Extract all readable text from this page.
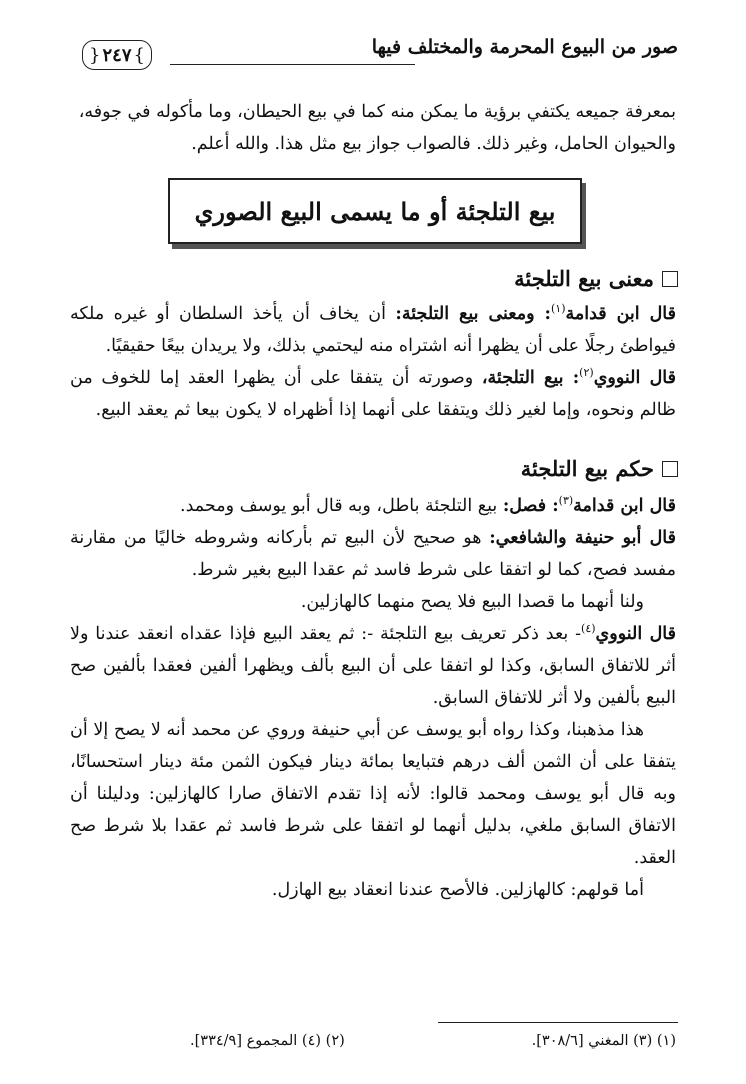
صور من البيوع المحرمة والمختلف فيها
} ٢٤٧ {

بمعرفة جميعه يكتفي برؤية ما يمكن منه كما في بيع الحيطان، وما مأكوله في جوفه،

والحيوان الحامل، وغير ذلك. فالصواب جواز بيع مثل هذا. والله أعلم.

بيع التلجئة أو ما يسمى البيع الصوري
معنى بيع التلجئة

قال ابن قدامة$^{(١)}$: ومعنى بيع التلجئة: أن يخاف أن يأخذ السلطان أو غيره ملكه فيواطئ رجلًا على أن يظهرا أنه اشتراه منه ليحتمي بذلك، ولا يريدان بيعًا حقيقيًا.

قال النووي$^{(٢)}$: بيع التلجئة، وصورته أن يتفقا على أن يظهرا العقد إما للخوف من ظالم ونحوه، وإما لغير ذلك ويتفقا على أنهما إذا أظهراه لا يكون بيعا ثم يعقد البيع.

حكم بيع التلجئة

قال ابن قدامة$^{(٣)}$: فصل: بيع التلجئة باطل، وبه قال أبو يوسف ومحمد.

قال أبو حنيفة والشافعي: هو صحيح لأن البيع تم بأركانه وشروطه خاليًا من مقارنة مفسد فصح، كما لو اتفقا على شرط فاسد ثم عقدا البيع بغير شرط.

ولنا أنهما ما قصدا البيع فلا يصح منهما كالهازلين.

قال النووي$^{(٤)}$- بعد ذكر تعريف بيع التلجئة -: ثم يعقد البيع فإذا عقداه انعقد عندنا ولا أثر للاتفاق السابق، وكذا لو اتفقا على أن البيع بألف ويظهرا ألفين فعقدا بألفين صح البيع بألفين ولا أثر للاتفاق السابق.

هذا مذهبنا، وكذا رواه أبو يوسف عن أبي حنيفة وروي عن محمد أنه لا يصح إلا أن يتفقا على أن الثمن ألف درهم فتبايعا بمائة دينار فيكون الثمن مئة دينار استحسانًا، وبه قال أبو يوسف ومحمد قالوا: لأنه إذا تقدم الاتفاق صارا كالهازلين: ودليلنا أن الاتفاق السابق ملغي، بدليل أنهما لو اتفقا على شرط فاسد ثم عقدا بلا شرط صح العقد.

أما قولهم: كالهازلين. فالأصح عندنا انعقاد بيع الهازل.

(١) (٣) المغني [٣٠٨/٦].
(٢) (٤) المجموع [٣٣٤/٩].
